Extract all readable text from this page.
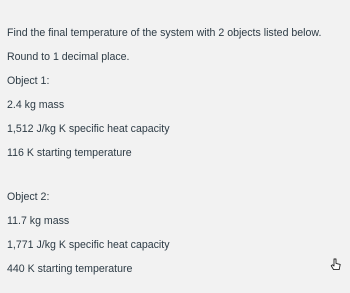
Find the final temperature of the system with 2 objects listed below.
Round to 1 decimal place.
Object 1:
2.4 kg mass
1,512 J/kg K specific heat capacity
116 K starting temperature
Object 2:
11.7 kg mass
1,771 J/kg K specific heat capacity
440 K starting temperature
